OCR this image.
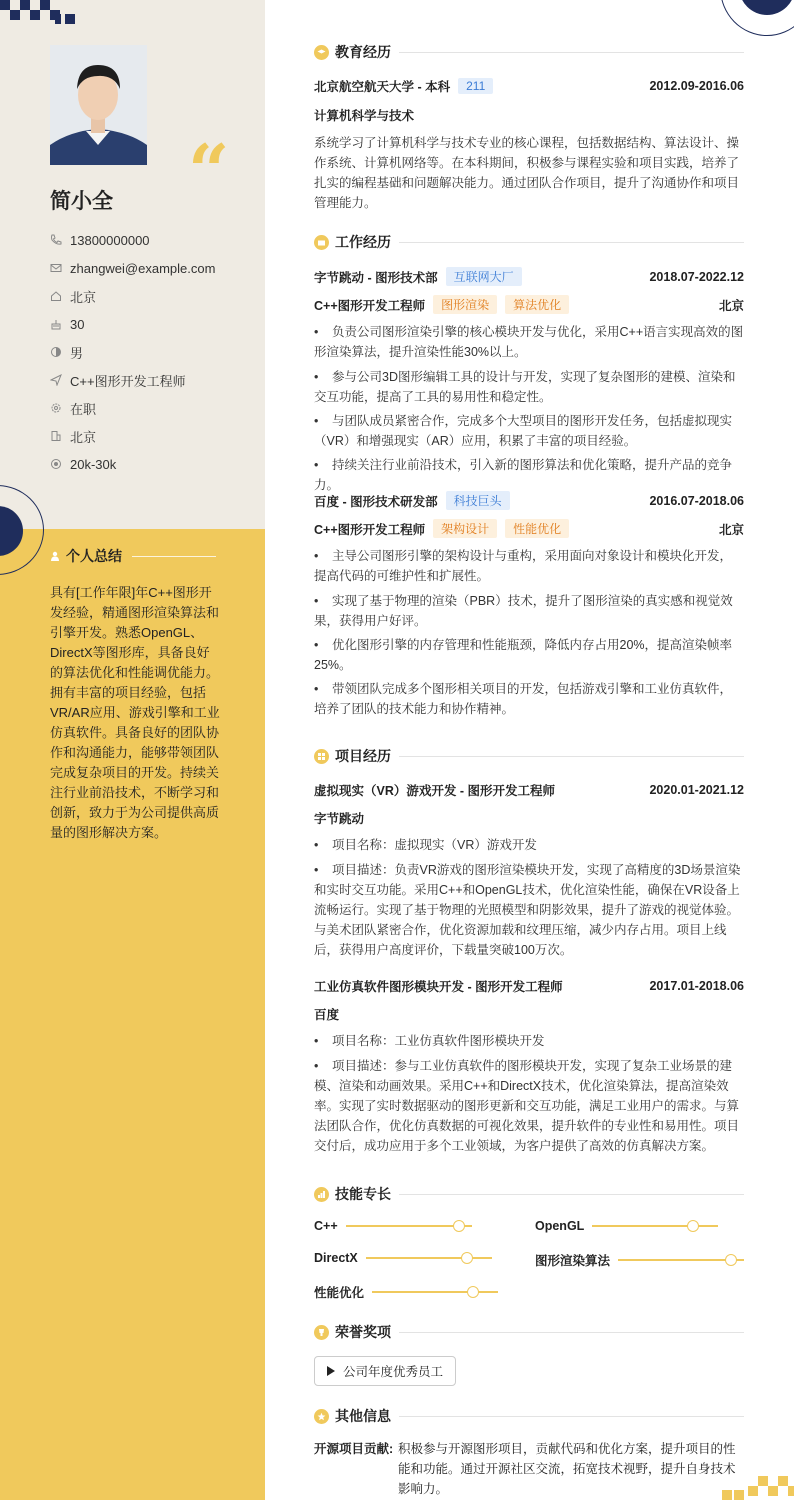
“
简小全
13800000000
zhangwei@example.com
北京
30
男
C++图形开发工程师
在职
北京
20k-30k
个人总结
具有[工作年限]年C++图形开发经验，精通图形渲染算法和引擎开发。熟悉OpenGL、DirectX等图形库，具备良好的算法优化和性能调优能力。拥有丰富的项目经验，包括VR/AR应用、游戏引擎和工业仿真软件。具备良好的团队协作和沟通能力，能够带领团队完成复杂项目的开发。持续关注行业前沿技术，不断学习和创新，致力于为公司提供高质量的图形解决方案。
教育经历
北京航空航天大学 - 本科	211	2012.09-2016.06
计算机科学与技术
系统学习了计算机科学与技术专业的核心课程，包括数据结构、算法设计、操作系统、计算机网络等。在本科期间，积极参与课程实验和项目实践，培养了扎实的编程基础和问题解决能力。通过团队合作项目，提升了沟通协作和项目管理能力。
工作经历
字节跳动 - 图形技术部	互联网大厂	2018.07-2022.12
C++图形开发工程师	图形渲染	算法优化	北京
• 负责公司图形渲染引擎的核心模块开发与优化，采用C++语言实现高效的图形渲染算法，提升渲染性能30%以上。
• 参与公司3D图形编辑工具的设计与开发，实现了复杂图形的建模、渲染和交互功能，提高了工具的易用性和稳定性。
• 与团队成员紧密合作，完成多个大型项目的图形开发任务，包括虚拟现实（VR）和增强现实（AR）应用，积累了丰富的项目经验。
• 持续关注行业前沿技术，引入新的图形算法和优化策略，提升产品的竞争力。
百度 - 图形技术研发部	科技巨头	2016.07-2018.06
C++图形开发工程师	架构设计	性能优化	北京
• 主导公司图形引擎的架构设计与重构，采用面向对象设计和模块化开发，提高代码的可维护性和扩展性。
• 实现了基于物理的渲染（PBR）技术，提升了图形渲染的真实感和视觉效果，获得用户好评。
• 优化图形引擎的内存管理和性能瓶颈，降低内存占用20%，提高渲染帧率25%。
• 带领团队完成多个图形相关项目的开发，包括游戏引擎和工业仿真软件，培养了团队的技术能力和协作精神。
项目经历
虚拟现实（VR）游戏开发 - 图形开发工程师	2020.01-2021.12
字节跳动
• 项目名称：虚拟现实（VR）游戏开发
• 项目描述：负责VR游戏的图形渲染模块开发，实现了高精度的3D场景渲染和实时交互功能。采用C++和OpenGL技术，优化渲染性能，确保在VR设备上流畅运行。实现了基于物理的光照模型和阴影效果，提升了游戏的视觉体验。与美术团队紧密合作，优化资源加载和纹理压缩，减少内存占用。项目上线后，获得用户高度评价，下载量突破100万次。
工业仿真软件图形模块开发 - 图形开发工程师	2017.01-2018.06
百度
• 项目名称：工业仿真软件图形模块开发
• 项目描述：参与工业仿真软件的图形模块开发，实现了复杂工业场景的建模、渲染和动画效果。采用C++和DirectX技术，优化渲染算法，提高渲染效率。实现了实时数据驱动的图形更新和交互功能，满足工业用户的需求。与算法团队合作，优化仿真数据的可视化效果，提升软件的专业性和易用性。项目交付后，成功应用于多个工业领域，为客户提供了高效的仿真解决方案。
技能专长
C++	OpenGL
DirectX	图形渲染算法
性能优化
荣誉奖项
公司年度优秀员工
其他信息
开源项目贡献: 积极参与开源图形项目，贡献代码和优化方案，提升项目的性能和功能。通过开源社区交流，拓宽技术视野，提升自身技术影响力。
